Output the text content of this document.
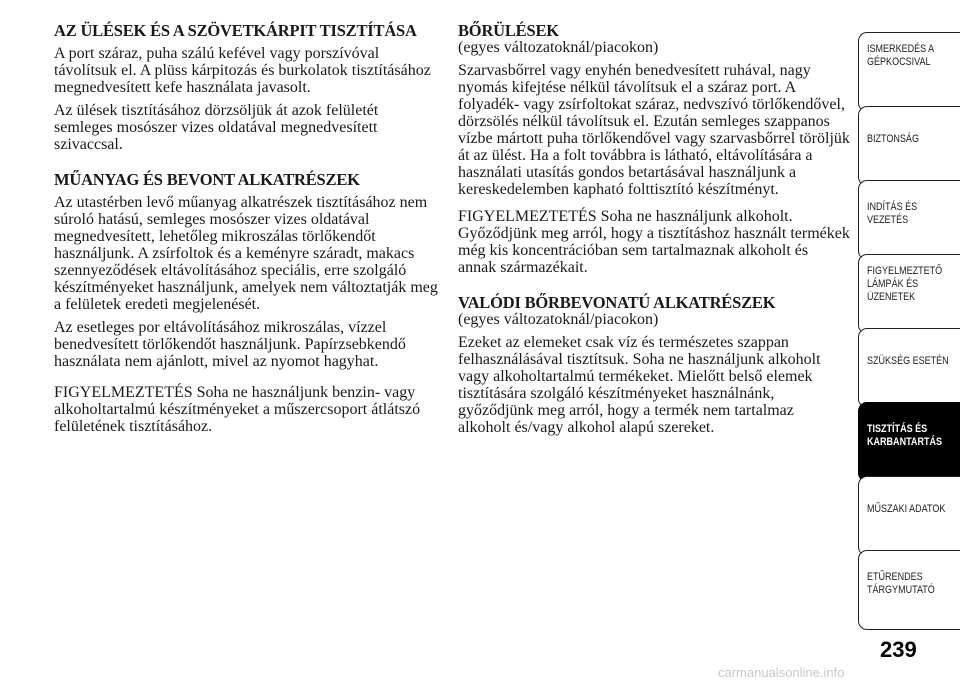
AZ ÜLÉSEK ÉS A SZÖVETKÁRPIT TISZTÍTÁSA

A port száraz, puha szálú kefével vagy porszívóval távolítsuk el. A plüss kárpitozás és burkolatok tisztításához megnedvesített kefe használata javasolt.

Az ülések tisztításához dörzsöljük át azok felületét semleges mosószer vizes oldatával megnedvesített szivaccsal.

MŰANYAG ÉS BEVONT ALKATRÉSZEK

Az utastérben levő műanyag alkatrészek tisztításához nem súroló hatású, semleges mosószer vizes oldatával megnedvesített, lehetőleg mikroszálas törlőkendőt használjunk. A zsírfoltok és a keményre száradt, makacs szennyeződések eltávolításához speciális, erre szolgáló készítményeket használjunk, amelyek nem változtatják meg a felületek eredeti megjelenését.

Az esetleges por eltávolításához mikroszálas, vízzel benedvesített törlőkendőt használjunk. Papírzsebkendő használata nem ajánlott, mivel az nyomot hagyhat.

FIGYELMEZTETÉS Soha ne használjunk benzin- vagy alkoholtartalmú készítményeket a műszercsoport átlátszó felületének tisztításához.

BŐRÜLÉSEK

(egyes változatoknál/piacokon)

Szarvasbőrrel vagy enyhén benedvesített ruhával, nagy nyomás kifejtése nélkül távolítsuk el a száraz port. A folyadék- vagy zsírfoltokat száraz, nedvszívó törlőkendővel, dörzsölés nélkül távolítsuk el. Ezután semleges szappanos vízbe mártott puha törlőkendővel vagy szarvasbőrrel töröljük át az ülést. Ha a folt továbbra is látható, eltávolítására a használati utasítás gondos betartásával használjunk a kereskedelemben kapható folttisztító készítményt.

FIGYELMEZTETÉS Soha ne használjunk alkoholt. Győződjünk meg arról, hogy a tisztításhoz használt termékek még kis koncentrációban sem tartalmaznak alkoholt és annak származékait.

VALÓDI BŐRBEVONATÚ ALKATRÉSZEK

(egyes változatoknál/piacokon)

Ezeket az elemeket csak víz és természetes szappan felhasználásával tisztítsuk. Soha ne használjunk alkoholt vagy alkoholtartalmú termékeket. Mielőtt belső elemek tisztítására szolgáló készítményeket használnánk, győződjünk meg arról, hogy a termék nem tartalmaz alkoholt és/vagy alkohol alapú szereket.

ISMERKEDÉS A
GÉPKOCSIVAL
BIZTONSÁG
INDÍTÁS ÉS
VEZETÉS
FIGYELMEZTETŐ
LÁMPÁK ÉS
ÜZENETEK
SZÜKSÉG ESETÉN
TISZTÍTÁS ÉS
KARBANTARTÁS
MŰSZAKI ADATOK
ETŰRENDES
TÁRGYMUTATÓ
239
carmanualsonline.info
